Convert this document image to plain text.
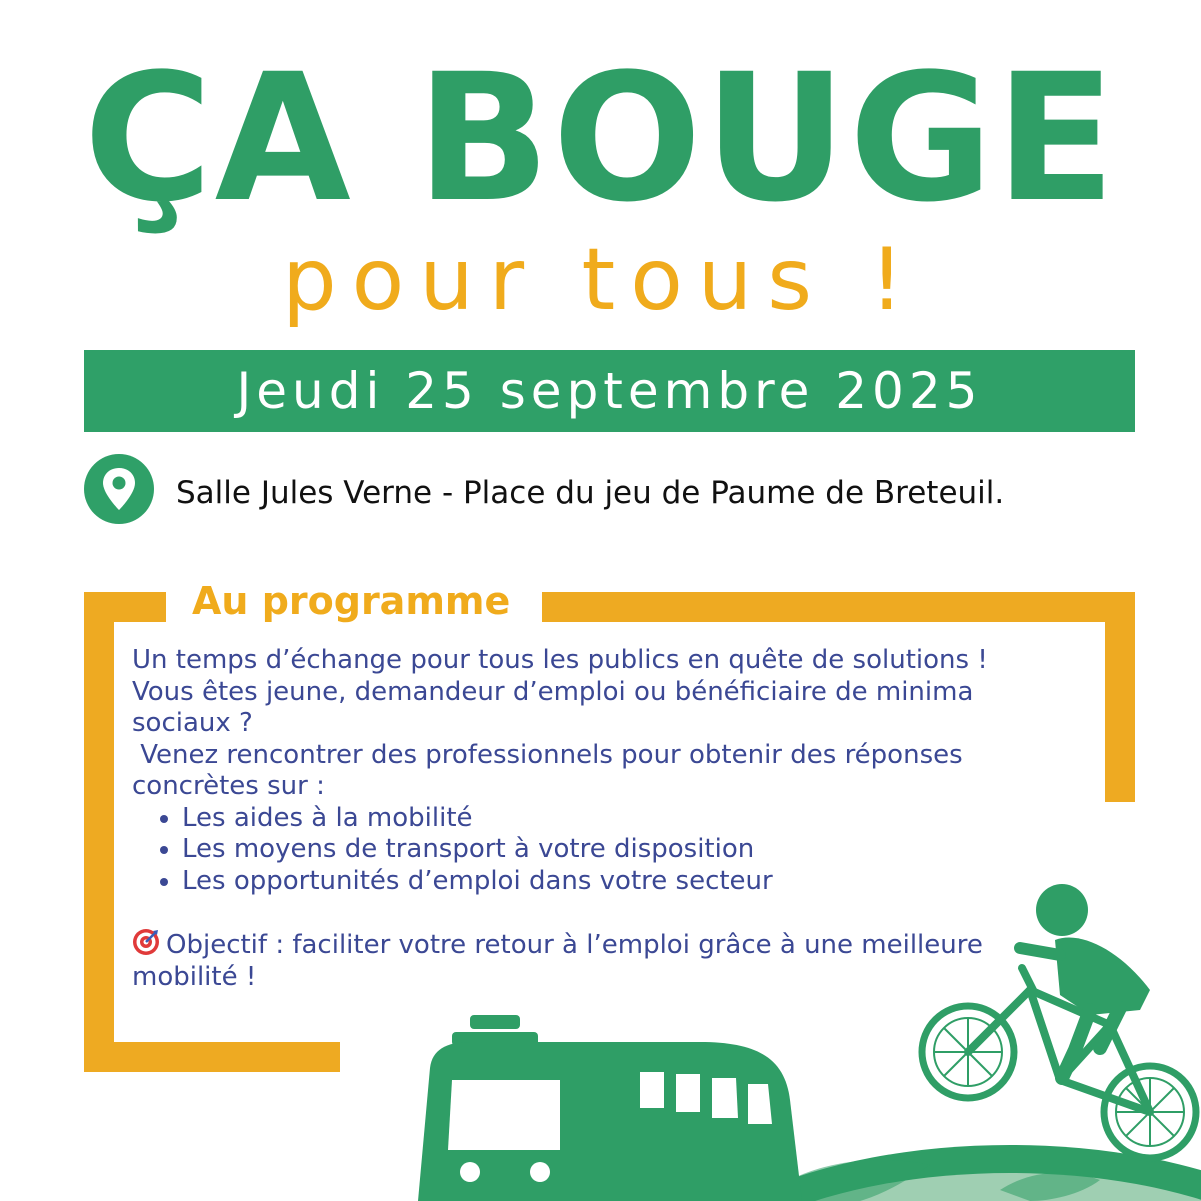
ÇA BOUGE
pour tous !
Jeudi 25 septembre 2025
Salle Jules Verne - Place du jeu de Paume de Breteuil.
Au programme

Un temps d’échange pour tous les publics en quête de solutions !

Vous êtes jeune, demandeur d’emploi ou bénéficiaire de minima sociaux ?

Venez rencontrer des professionnels pour obtenir des réponses concrètes sur :

• Les aides à la mobilité
• Les moyens de transport à votre disposition
• Les opportunités d’emploi dans votre secteur

Objectif : faciliter votre retour à l’emploi grâce à une meilleure mobilité !
